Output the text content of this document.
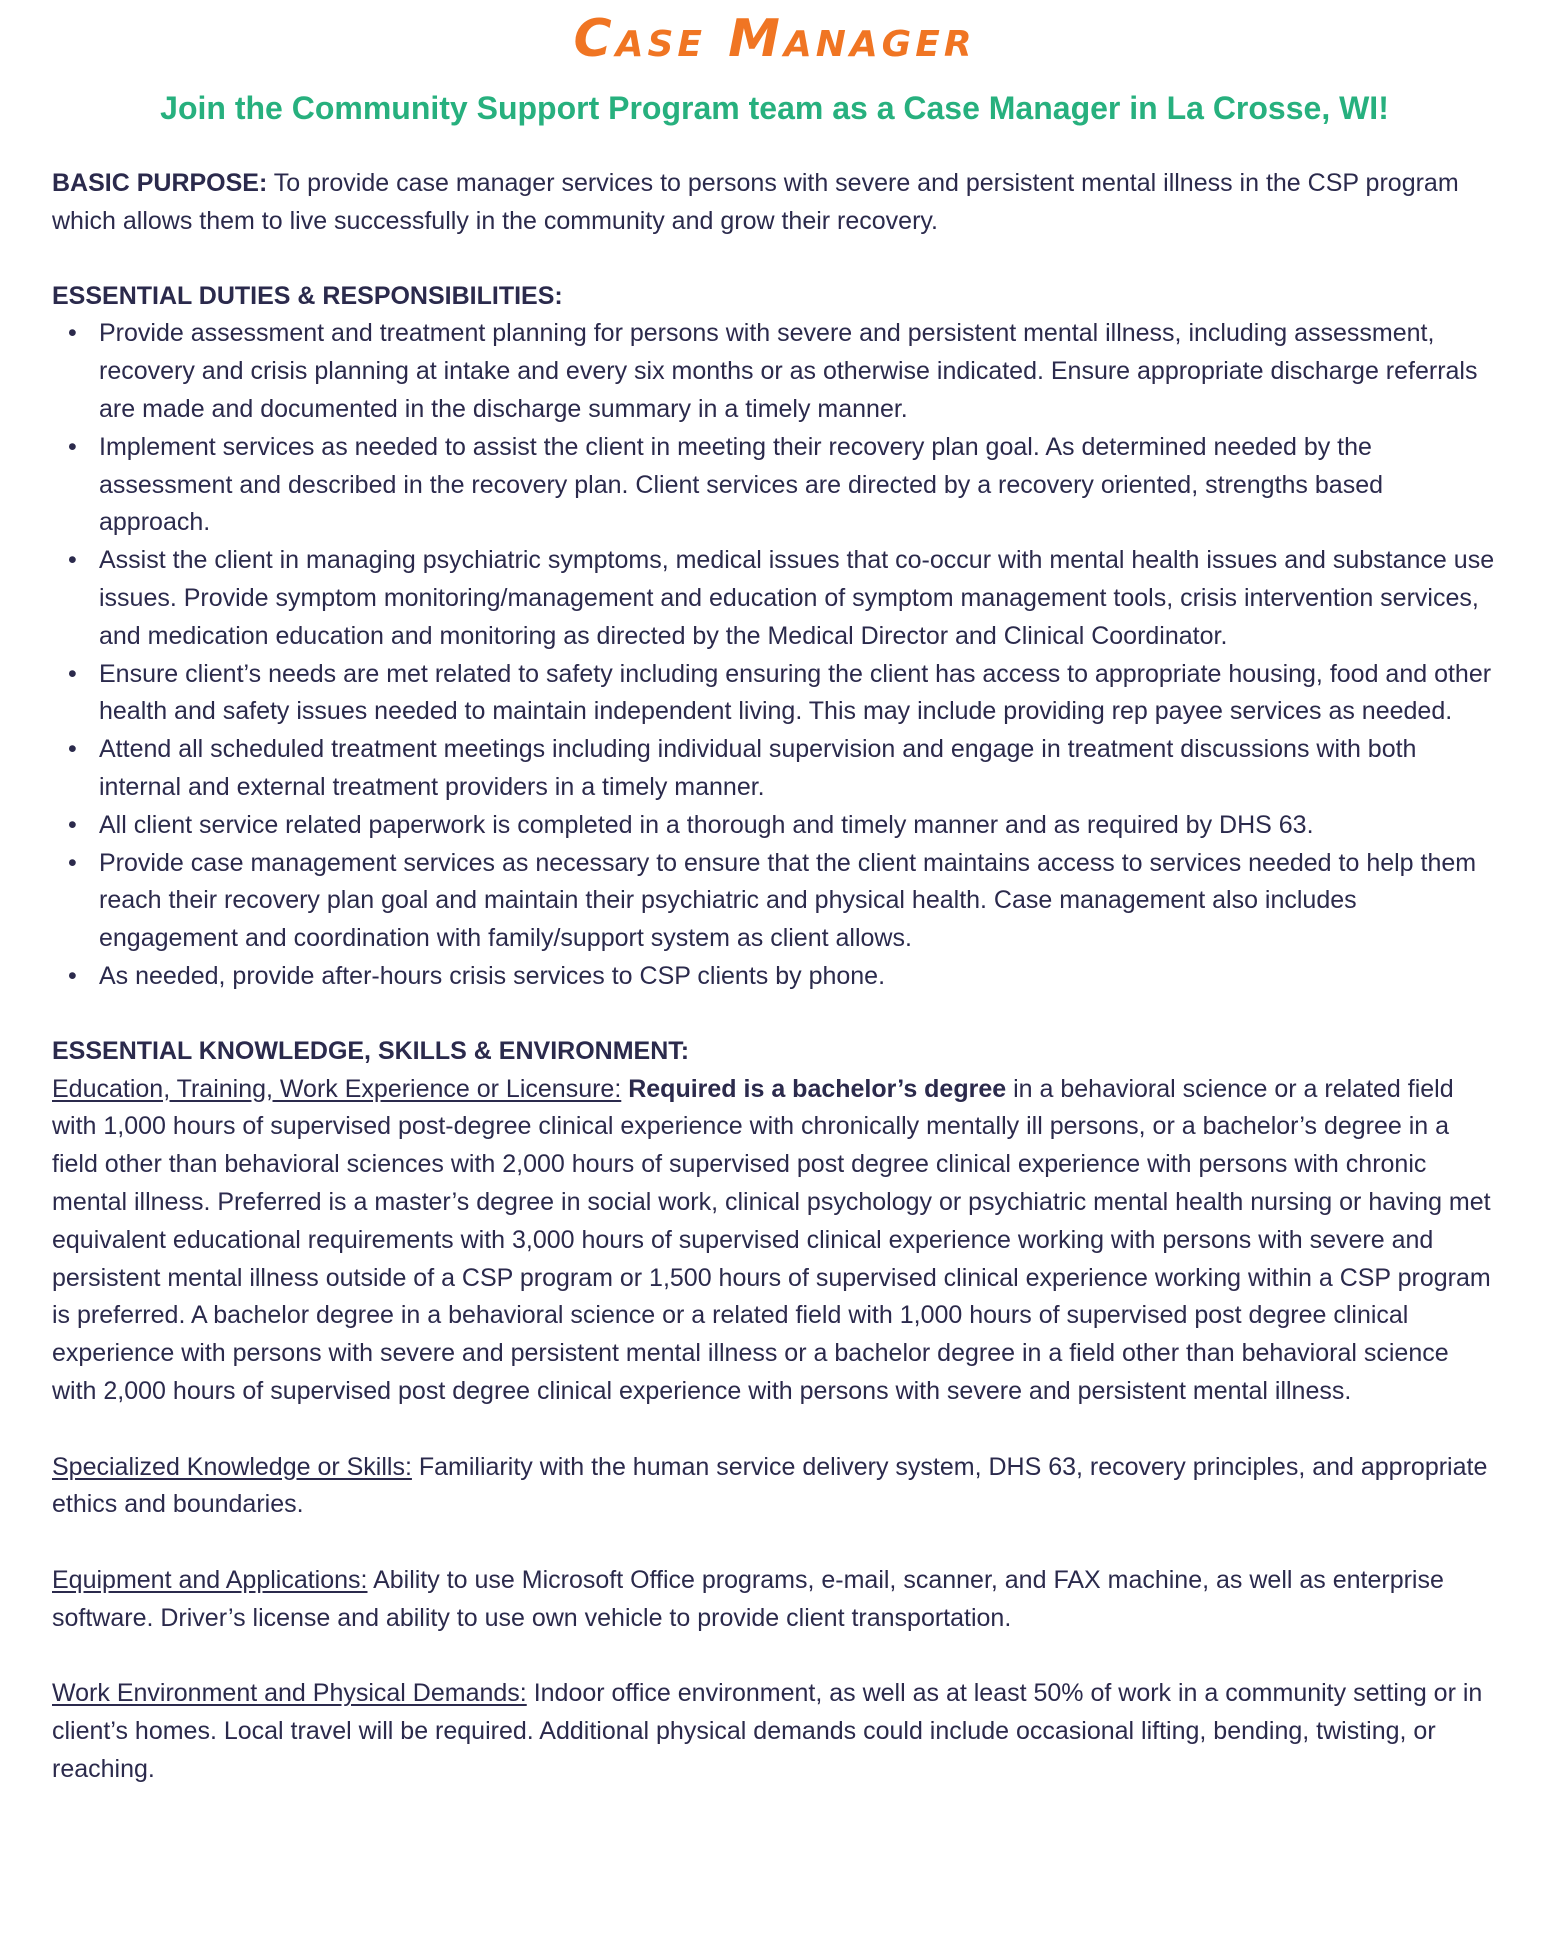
Case Manager
Join the Community Support Program team as a Case Manager in La Crosse, WI!

BASIC PURPOSE: To provide case manager services to persons with severe and persistent mental illness in the CSP program which allows them to live successfully in the community and grow their recovery.

ESSENTIAL DUTIES & RESPONSIBILITIES:

• Provide assessment and treatment planning for persons with severe and persistent mental illness, including assessment, recovery and crisis planning at intake and every six months or as otherwise indicated. Ensure appropriate discharge referrals are made and documented in the discharge summary in a timely manner.
• Implement services as needed to assist the client in meeting their recovery plan goal. As determined needed by the assessment and described in the recovery plan. Client services are directed by a recovery oriented, strengths based approach.
• Assist the client in managing psychiatric symptoms, medical issues that co-occur with mental health issues and substance use issues. Provide symptom monitoring/management and education of symptom management tools, crisis intervention services, and medication education and monitoring as directed by the Medical Director and Clinical Coordinator.
• Ensure client’s needs are met related to safety including ensuring the client has access to appropriate housing, food and other health and safety issues needed to maintain independent living. This may include providing rep payee services as needed.
• Attend all scheduled treatment meetings including individual supervision and engage in treatment discussions with both internal and external treatment providers in a timely manner.
• All client service related paperwork is completed in a thorough and timely manner and as required by DHS 63.
• Provide case management services as necessary to ensure that the client maintains access to services needed to help them reach their recovery plan goal and maintain their psychiatric and physical health. Case management also includes engagement and coordination with family/support system as client allows.
• As needed, provide after-hours crisis services to CSP clients by phone.

ESSENTIAL KNOWLEDGE, SKILLS & ENVIRONMENT:

Education, Training, Work Experience or Licensure: Required is a bachelor’s degree in a behavioral science or a related field with 1,000 hours of supervised post-degree clinical experience with chronically mentally ill persons, or a bachelor’s degree in a field other than behavioral sciences with 2,000 hours of supervised post degree clinical experience with persons with chronic mental illness. Preferred is a master’s degree in social work, clinical psychology or psychiatric mental health nursing or having met equivalent educational requirements with 3,000 hours of supervised clinical experience working with persons with severe and persistent mental illness outside of a CSP program or 1,500 hours of supervised clinical experience working within a CSP program is preferred. A bachelor degree in a behavioral science or a related field with 1,000 hours of supervised post degree clinical experience with persons with severe and persistent mental illness or a bachelor degree in a field other than behavioral science with 2,000 hours of supervised post degree clinical experience with persons with severe and persistent mental illness.

Specialized Knowledge or Skills: Familiarity with the human service delivery system, DHS 63, recovery principles, and appropriate ethics and boundaries.

Equipment and Applications: Ability to use Microsoft Office programs, e-mail, scanner, and FAX machine, as well as enterprise software. Driver’s license and ability to use own vehicle to provide client transportation.

Work Environment and Physical Demands: Indoor office environment, as well as at least 50% of work in a community setting or in client’s homes. Local travel will be required. Additional physical demands could include occasional lifting, bending, twisting, or reaching.
